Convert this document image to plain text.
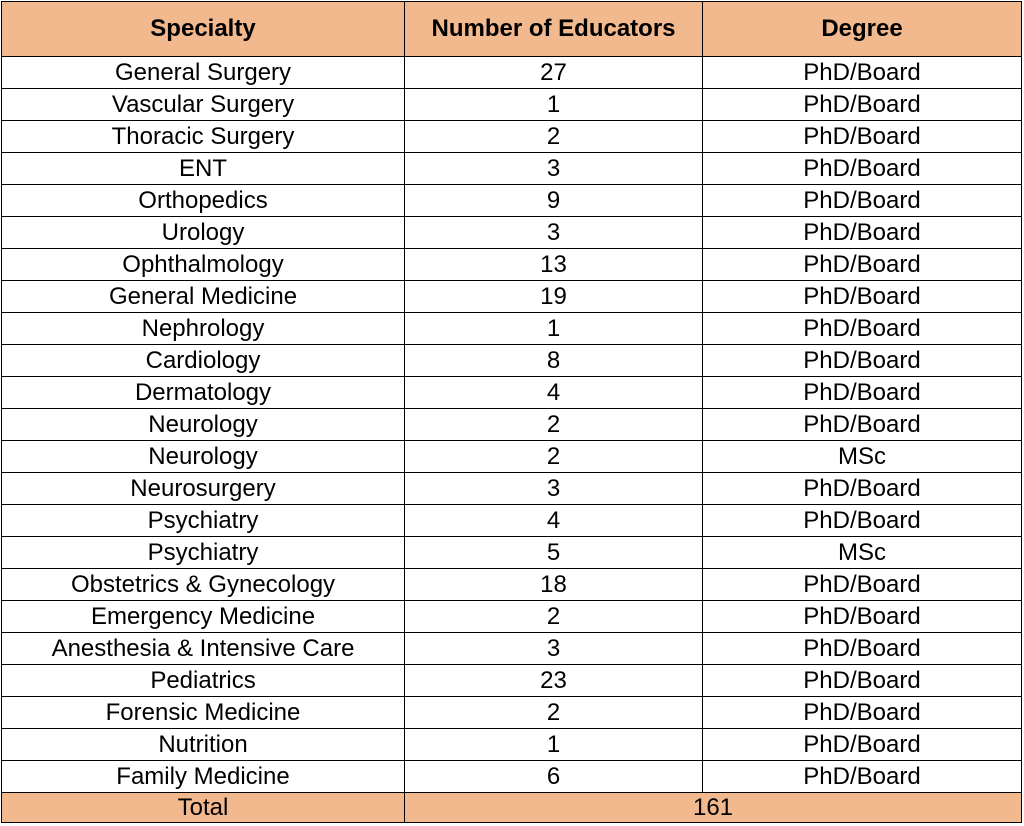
Specialty	Number of Educators	Degree
General Surgery	27	PhD/Board
Vascular Surgery	1	PhD/Board
Thoracic Surgery	2	PhD/Board
ENT	3	PhD/Board
Orthopedics	9	PhD/Board
Urology	3	PhD/Board
Ophthalmology	13	PhD/Board
General Medicine	19	PhD/Board
Nephrology	1	PhD/Board
Cardiology	8	PhD/Board
Dermatology	4	PhD/Board
Neurology	2	PhD/Board
Neurology	2	MSc
Neurosurgery	3	PhD/Board
Psychiatry	4	PhD/Board
Psychiatry	5	MSc
Obstetrics & Gynecology	18	PhD/Board
Emergency Medicine	2	PhD/Board
Anesthesia & Intensive Care	3	PhD/Board
Pediatrics	23	PhD/Board
Forensic Medicine	2	PhD/Board
Nutrition	1	PhD/Board
Family Medicine	6	PhD/Board
Total	161	
